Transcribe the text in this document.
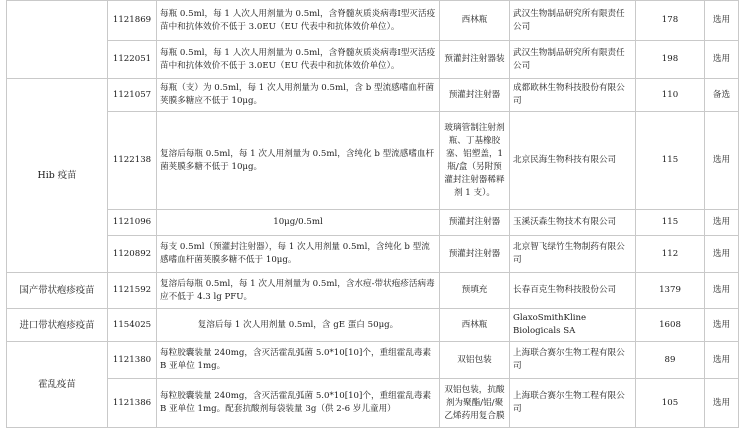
	1121869	每瓶 0.5ml，每 1 人次人用剂量为 0.5ml，含脊髓灰质炎病毒Ⅰ型灭活疫苗中和抗体效价不低于 3.0EU（EU 代表中和抗体效价单位）。	西林瓶	武汉生物制品研究所有限责任公司	178	选用
	1122051	每瓶 0.5ml，每 1 人次人用剂量为 0.5ml，含脊髓灰质炎病毒Ⅰ型灭活疫苗中和抗体效价不低于 3.0EU（EU 代表中和抗体效价单位）。	预灌封注射器装	武汉生物制品研究所有限责任公司	198	选用
Hib 疫苗	1121057	每瓶（支）为 0.5ml，每 1 次人用剂量为 0.5ml，含 b 型流感嗜血杆菌荚膜多糖应不低于 10μg。	预灌封注射器	成都欧林生物科技股份有限公司	110	备选
	1122138	复溶后每瓶 0.5ml，每 1 次人用剂量为 0.5ml，含纯化 b 型流感嗜血杆菌荚膜多糖不低于 10μg。	玻璃管制注射剂瓶、丁基橡胶塞、铝塑盖，1 瓶/盒（另附预灌封注射器稀释剂 1 支）。	北京民海生物科技有限公司	115	选用
	1121096	10μg/0.5ml	预灌封注射器	玉溪沃森生物技术有限公司	115	选用
	1120892	每支 0.5ml（预灌封注射器），每 1 次人用剂量 0.5ml，含纯化 b 型流感嗜血杆菌荚膜多糖不低于 10μg。	预灌封注射器	北京智飞绿竹生物制药有限公司	112	选用
国产带状疱疹疫苗	1121592	复溶后每瓶 0.5ml，每 1 次人用剂量为 0.5ml，含水痘-带状疱疹活病毒应不低于 4.3 lg PFU。	预填充	长春百克生物科技股份公司	1379	选用
进口带状疱疹疫苗	1154025	复溶后每 1 次人用剂量 0.5ml，含 gE 蛋白 50μg。	西林瓶	GlaxoSmithKline Biologicals SA	1608	选用
霍乱疫苗	1121380	每粒胶囊装量 240mg，含灭活霍乱弧菌 5.0*10[10]个，重组霍乱毒素 B 亚单位 1mg。	双铝包装	上海联合赛尔生物工程有限公司	89	选用
	1121386	每粒胶囊装量 240mg，含灭活霍乱弧菌 5.0*10[10]个，重组霍乱毒素 B 亚单位 1mg。配套抗酸剂每袋装量 3g（供 2-6 岁儿童用）	双铝包装，抗酸剂为聚酯/铝/聚乙烯药用复合膜	上海联合赛尔生物工程有限公司	105	选用
